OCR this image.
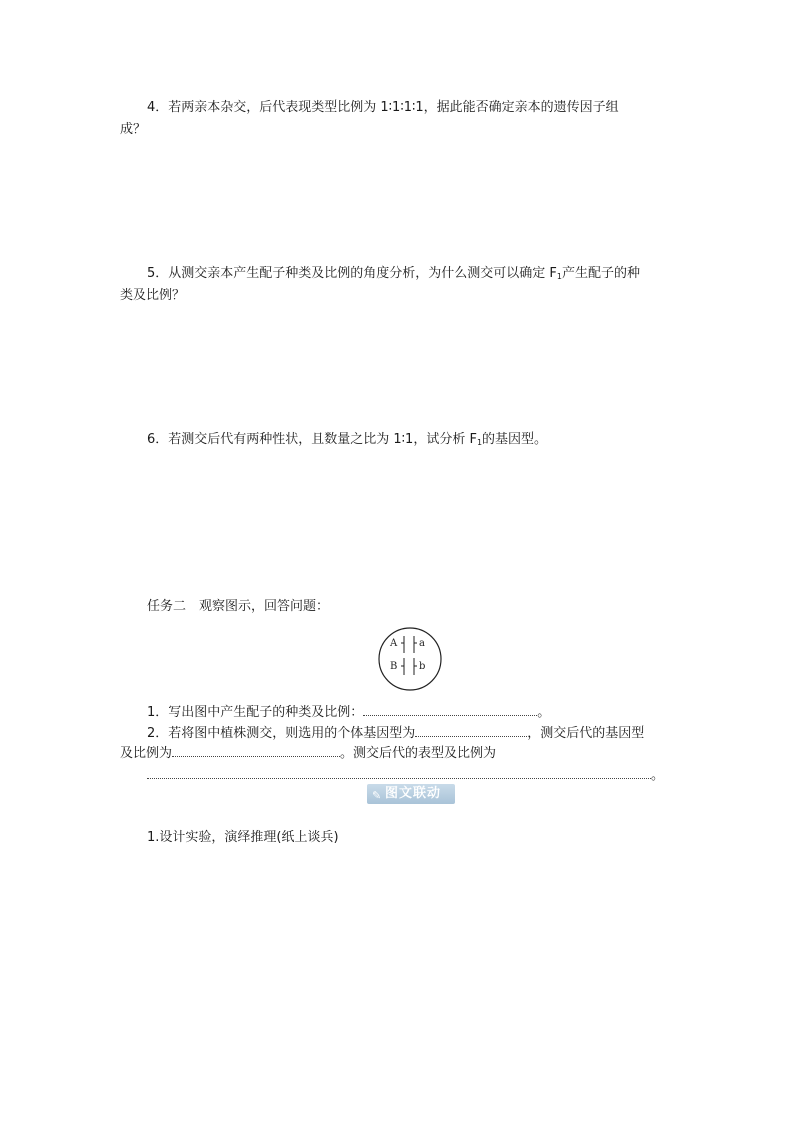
4．若两亲本杂交，后代表现类型比例为 1∶1∶1∶1，据此能否确定亲本的遗传因子组
成？
5．从测交亲本产生配子种类及比例的角度分析，为什么测交可以确定 $F_1$产生配子的种
类及比例？
6．若测交后代有两种性状，且数量之比为 1∶1，试分析 $F_1$的基因型。
任务二　观察图示，回答问题：
A a
B b
1．写出图中产生配子的种类及比例：	。
2．若将图中植株测交，则选用的个体基因型为	，测交后代的基因型
及比例为	。测交后代的表型及比例为
。
✎ 图文联动
1.设计实验，演绎推理(纸上谈兵)
